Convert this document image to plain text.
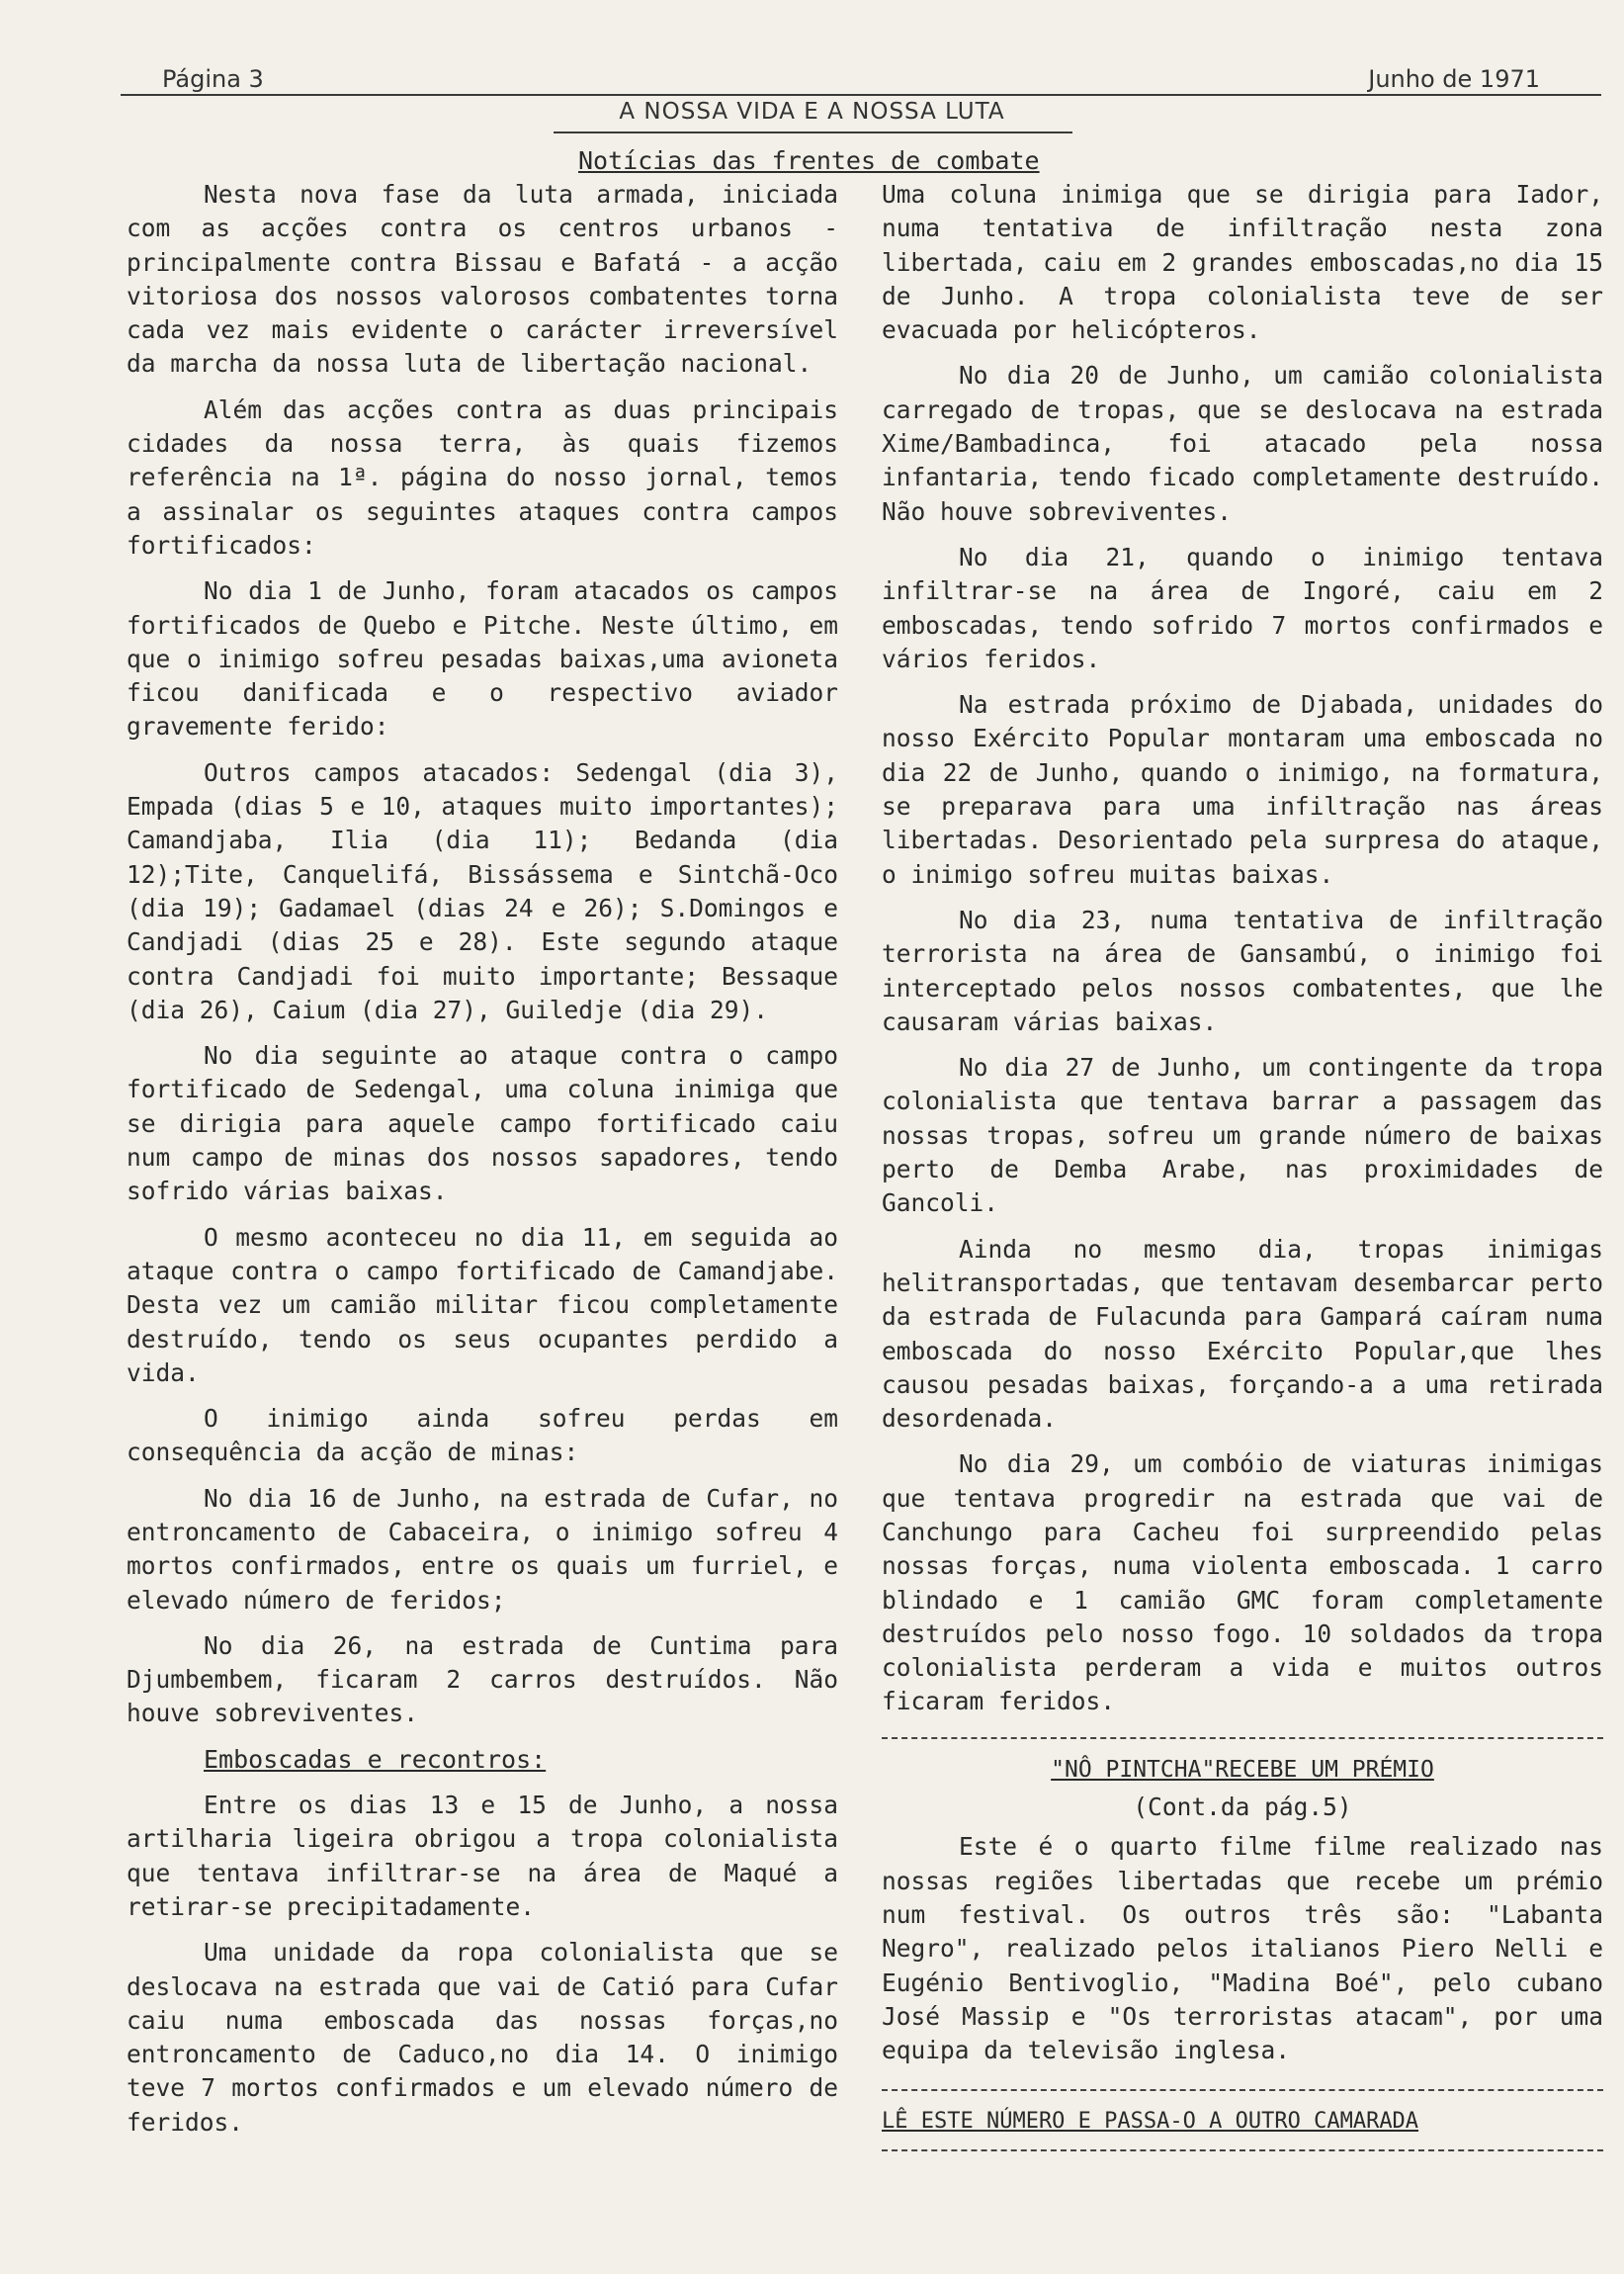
Página 3	Junho de 1971
A NOSSA VIDA E A NOSSA LUTA
Notícias das frentes de combate

Nesta nova fase da luta armada, iniciada com as acções contra os centros urbanos - principalmente contra Bissau e Bafatá - a acção vitoriosa dos nossos valorosos combatentes torna cada vez mais evidente o carácter irreversível da marcha da nossa luta de libertação nacional.

Além das acções contra as duas principais cidades da nossa terra, às quais fizemos referência na 1ª. página do nosso jornal, temos a assinalar os seguintes ataques contra campos fortificados:

No dia 1 de Junho, foram atacados os campos fortificados de Quebo e Pitche. Neste último, em que o inimigo sofreu pesadas baixas,uma avioneta ficou danificada e o respectivo aviador gravemente ferido:

Outros campos atacados: Sedengal (dia 3), Empada (dias 5 e 10, ataques muito importantes); Camandjaba, Ilia (dia 11); Bedanda (dia 12);Tite, Canquelifá, Bissássema e Sintchã-Oco (dia 19); Gadamael (dias 24 e 26); S.Domingos e Candjadi (dias 25 e 28). Este segundo ataque contra Candjadi foi muito importante; Bessaque (dia 26), Caium (dia 27), Guiledje (dia 29).

No dia seguinte ao ataque contra o campo fortificado de Sedengal, uma coluna inimiga que se dirigia para aquele campo fortificado caiu num campo de minas dos nossos sapadores, tendo sofrido várias baixas.

O mesmo aconteceu no dia 11, em seguida ao ataque contra o campo fortificado de Camandjabe. Desta vez um camião militar ficou completamente destruído, tendo os seus ocupantes perdido a vida.

O inimigo ainda sofreu perdas em consequência da acção de minas:

No dia 16 de Junho, na estrada de Cufar, no entroncamento de Cabaceira, o inimigo sofreu 4 mortos confirmados, entre os quais um furriel, e elevado número de feridos;

No dia 26, na estrada de Cuntima para Djumbembem, ficaram 2 carros destruídos. Não houve sobreviventes.

Emboscadas e recontros:

Entre os dias 13 e 15 de Junho, a nossa artilharia ligeira obrigou a tropa colonialista que tentava infiltrar-se na área de Maqué a retirar-se precipitadamente.

Uma unidade da ropa colonialista que se deslocava na estrada que vai de Catió para Cufar caiu numa emboscada das nossas forças,no entroncamento de Caduco,no dia 14. O inimigo teve 7 mortos confirmados e um elevado número de feridos.

Uma coluna inimiga que se dirigia para Iador, numa tentativa de infiltração nesta zona libertada, caiu em 2 grandes emboscadas,no dia 15 de Junho. A tropa colonialista teve de ser evacuada por helicópteros.

No dia 20 de Junho, um camião colonialista carregado de tropas, que se deslocava na estrada Xime/Bambadinca, foi atacado pela nossa infantaria, tendo ficado completamente destruído. Não houve sobreviventes.

No dia 21, quando o inimigo tentava infiltrar-se na área de Ingoré, caiu em 2 emboscadas, tendo sofrido 7 mortos confirmados e vários feridos.

Na estrada próximo de Djabada, unidades do nosso Exército Popular montaram uma emboscada no dia 22 de Junho, quando o inimigo, na formatura, se preparava para uma infiltração nas áreas libertadas. Desorientado pela surpresa do ataque, o inimigo sofreu muitas baixas.

No dia 23, numa tentativa de infiltração terrorista na área de Gansambú, o inimigo foi interceptado pelos nossos combatentes, que lhe causaram várias baixas.

No dia 27 de Junho, um contingente da tropa colonialista que tentava barrar a passagem das nossas tropas, sofreu um grande número de baixas perto de Demba Arabe, nas proximidades de Gancoli.

Ainda no mesmo dia, tropas inimigas helitransportadas, que tentavam desembarcar perto da estrada de Fulacunda para Gampará caíram numa emboscada do nosso Exército Popular,que lhes causou pesadas baixas, forçando-a a uma retirada desordenada.

No dia 29, um combóio de viaturas inimigas que tentava progredir na estrada que vai de Canchungo para Cacheu foi surpreendido pelas nossas forças, numa violenta emboscada. 1 carro blindado e 1 camião GMC foram completamente destruídos pelo nosso fogo. 10 soldados da tropa colonialista perderam a vida e muitos outros ficaram feridos.

"NÔ PINTCHA"RECEBE UM PRÉMIO
(Cont.da pág.5)

Este é o quarto filme filme realizado nas nossas regiões libertadas que recebe um prémio num festival. Os outros três são: "Labanta Negro", realizado pelos italianos Piero Nelli e Eugénio Bentivoglio, "Madina Boé", pelo cubano José Massip e "Os terroristas atacam", por uma equipa da televisão inglesa.

LÊ ESTE NÚMERO E PASSA-O A OUTRO CAMARADA
